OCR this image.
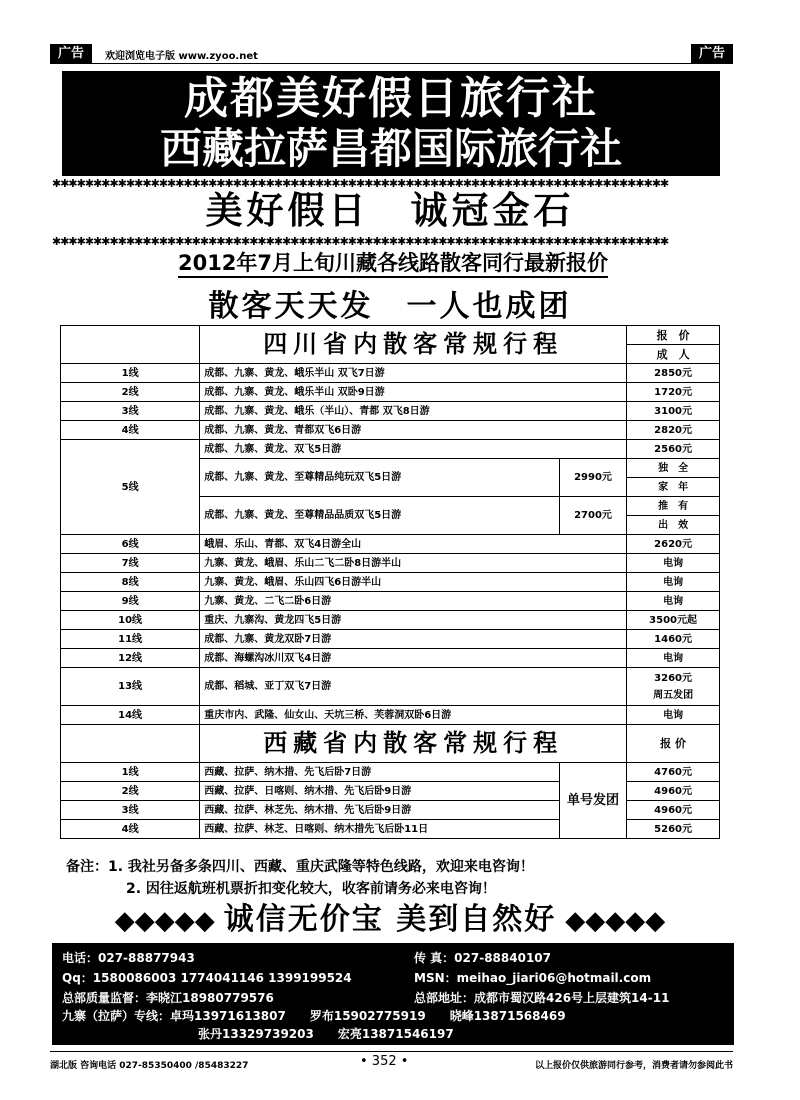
广告	欢迎浏览电子版 www.zyoo.net	广告
成都美好假日旅行社
西藏拉萨昌都国际旅行社
✱✱✱✱✱✱✱✱✱✱✱✱✱✱✱✱✱✱✱✱✱✱✱✱✱✱✱✱✱✱✱✱✱✱✱✱✱✱✱✱✱✱✱✱✱✱✱✱✱✱✱✱✱✱✱✱✱✱✱✱✱✱✱✱✱✱✱✱✱✱✱✱✱✱✱
美好假日　诚冠金石
✱✱✱✱✱✱✱✱✱✱✱✱✱✱✱✱✱✱✱✱✱✱✱✱✱✱✱✱✱✱✱✱✱✱✱✱✱✱✱✱✱✱✱✱✱✱✱✱✱✱✱✱✱✱✱✱✱✱✱✱✱✱✱✱✱✱✱✱✱✱✱✱✱✱✱
2012年7月上旬川藏各线路散客同行最新报价
散客天天发　一人也成团
	四川省内散客常规行程		报　价
			成　人
1线	成都、九寨、黄龙、峨乐半山 双飞7日游		2850元
2线	成都、九寨、黄龙、峨乐半山 双卧9日游		1720元
3线	成都、九寨、黄龙、峨乐（半山）、青都 双飞8日游		3100元
4线	成都、九寨、黄龙、青都双飞6日游		2820元
5线	成都、九寨、黄龙、双飞5日游		2560元
	成都、九寨、黄龙、至尊精品纯玩双飞5日游	2990元	独　 全
			家　 年
	成都、九寨、黄龙、至尊精品品质双飞5日游	2700元	推　 有
			出　 效
6线	峨眉、乐山、青都、双飞4日游全山		2620元
7线	九寨、黄龙、峨眉、乐山二飞二卧8日游半山		电询
8线	九寨、黄龙、峨眉、乐山四飞6日游半山		电询
9线	九寨、黄龙、二飞二卧6日游		电询
10线	重庆、九寨沟、黄龙四飞5日游		3500元起
11线	成都、九寨、黄龙双卧7日游		1460元
12线	成都、海螺沟冰川双飞4日游		电询
13线	成都、稻城、亚丁双飞7日游		3260元
周五发团

14线	重庆市内、武隆、仙女山、天坑三桥、芙蓉洞双卧6日游		电询
	西藏省内散客常规行程		报 价
1线	西藏、拉萨、纳木措、先飞后卧7日游	单号发团	4760元
2线	西藏、拉萨、日喀则、纳木措、先飞后卧9日游		4960元
3线	西藏、拉萨、林芝先、纳木措、先飞后卧9日游		4960元
4线	西藏、拉萨、林芝、日喀则、纳木措先飞后卧11日		5260元
备注：1. 我社另备多条四川、西藏、重庆武隆等特色线路，欢迎来电咨询！
2. 因往返航班机票折扣变化较大，收客前请务必来电咨询！
◆◆◆◆◆ 诚信无价宝 美到自然好 ◆◆◆◆◆
电话：027-88877943	传 真：027-88840107
Qq：1580086003 1774041146 1399199524	MSN：meihao_jiari06@hotmail.com
总部质量监督：李晓江18980779576	总部地址：成都市蜀汉路426号上层建筑14-11
九寨（拉萨）专线：卓玛13971613807　　罗布15902775919　　晓峰13871568469
张丹13329739203　　宏亮13871546197
湖北版 咨询电话 027-85350400 /85483227	• 352 •	以上报价仅供旅游同行参考，消费者请勿参阅此书
